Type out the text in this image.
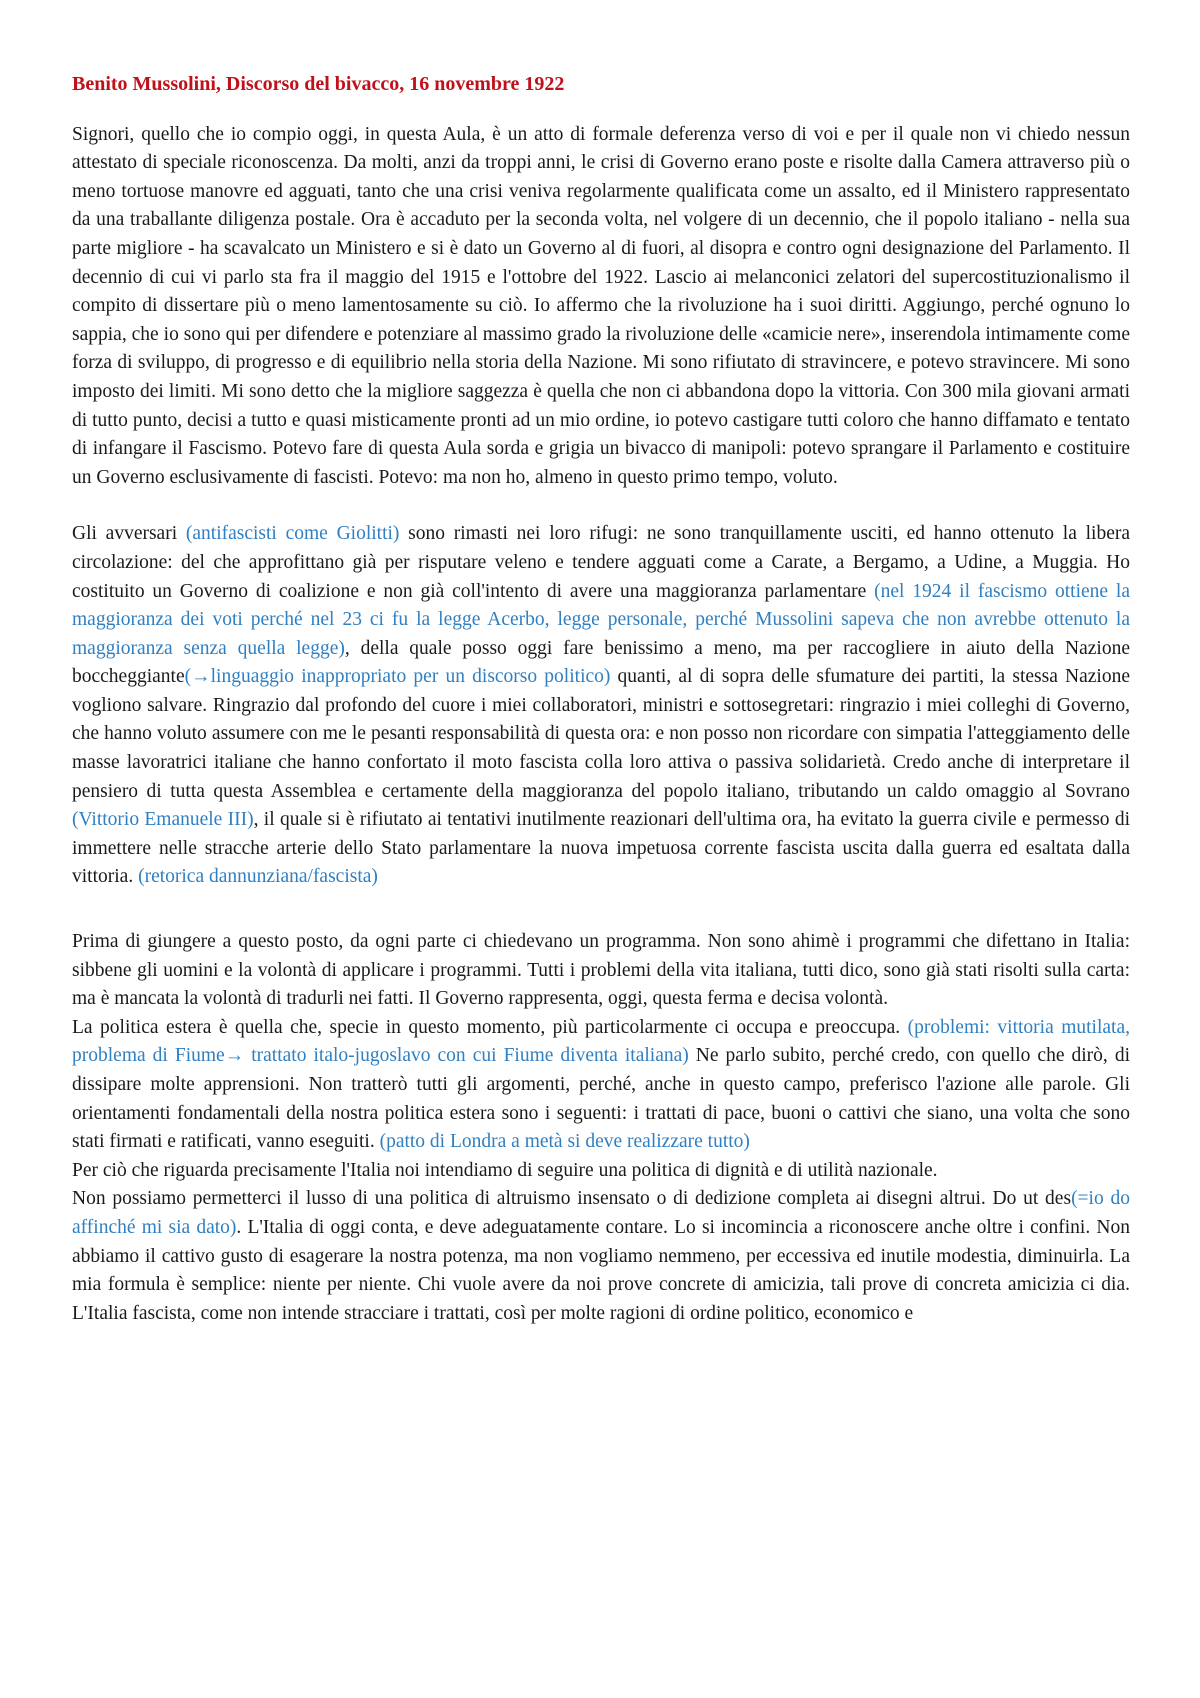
Benito Mussolini, Discorso del bivacco, 16 novembre 1922

Signori, quello che io compio oggi, in questa Aula, è un atto di formale deferenza verso di voi e per il quale non vi chiedo nessun attestato di speciale riconoscenza. Da molti, anzi da troppi anni, le crisi di Governo erano poste e risolte dalla Camera attraverso più o meno tortuose manovre ed agguati, tanto che una crisi veniva regolarmente qualificata come un assalto, ed il Ministero rappresentato da una traballante diligenza postale. Ora è accaduto per la seconda volta, nel volgere di un decennio, che il popolo italiano - nella sua parte migliore - ha scavalcato un Ministero e si è dato un Governo al di fuori, al disopra e contro ogni designazione del Parlamento. Il decennio di cui vi parlo sta fra il maggio del 1915 e l'ottobre del 1922. Lascio ai melanconici zelatori del supercostituzionalismo il compito di dissertare più o meno lamentosamente su ciò. Io affermo che la rivoluzione ha i suoi diritti. Aggiungo, perché ognuno lo sappia, che io sono qui per difendere e potenziare al massimo grado la rivoluzione delle «camicie nere», inserendola intimamente come forza di sviluppo, di progresso e di equilibrio nella storia della Nazione. Mi sono rifiutato di stravincere, e potevo stravincere. Mi sono imposto dei limiti. Mi sono detto che la migliore saggezza è quella che non ci abbandona dopo la vittoria. Con 300 mila giovani armati di tutto punto, decisi a tutto e quasi misticamente pronti ad un mio ordine, io potevo castigare tutti coloro che hanno diffamato e tentato di infangare il Fascismo. Potevo fare di questa Aula sorda e grigia un bivacco di manipoli: potevo sprangare il Parlamento e costituire un Governo esclusivamente di fascisti. Potevo: ma non ho, almeno in questo primo tempo, voluto.

Gli avversari (antifascisti come Giolitti) sono rimasti nei loro rifugi: ne sono tranquillamente usciti, ed hanno ottenuto la libera circolazione: del che approfittano già per risputare veleno e tendere agguati come a Carate, a Bergamo, a Udine, a Muggia. Ho costituito un Governo di coalizione e non già coll'intento di avere una maggioranza parlamentare (nel 1924 il fascismo ottiene la maggioranza dei voti perché nel 23 ci fu la legge Acerbo, legge personale, perché Mussolini sapeva che non avrebbe ottenuto la maggioranza senza quella legge), della quale posso oggi fare benissimo a meno, ma per raccogliere in aiuto della Nazione boccheggiante(→linguaggio inappropriato per un discorso politico) quanti, al di sopra delle sfumature dei partiti, la stessa Nazione vogliono salvare. Ringrazio dal profondo del cuore i miei collaboratori, ministri e sottosegretari: ringrazio i miei colleghi di Governo, che hanno voluto assumere con me le pesanti responsabilità di questa ora: e non posso non ricordare con simpatia l'atteggiamento delle masse lavoratrici italiane che hanno confortato il moto fascista colla loro attiva o passiva solidarietà. Credo anche di interpretare il pensiero di tutta questa Assemblea e certamente della maggioranza del popolo italiano, tributando un caldo omaggio al Sovrano (Vittorio Emanuele III), il quale si è rifiutato ai tentativi inutilmente reazionari dell'ultima ora, ha evitato la guerra civile e permesso di immettere nelle stracche arterie dello Stato parlamentare la nuova impetuosa corrente fascista uscita dalla guerra ed esaltata dalla vittoria. (retorica dannunziana/fascista)

Prima di giungere a questo posto, da ogni parte ci chiedevano un programma. Non sono ahimè i programmi che difettano in Italia: sibbene gli uomini e la volontà di applicare i programmi. Tutti i problemi della vita italiana, tutti dico, sono già stati risolti sulla carta: ma è mancata la volontà di tradurli nei fatti. Il Governo rappresenta, oggi, questa ferma e decisa volontà.

La politica estera è quella che, specie in questo momento, più particolarmente ci occupa e preoccupa. (problemi: vittoria mutilata, problema di Fiume→ trattato italo-jugoslavo con cui Fiume diventa italiana) Ne parlo subito, perché credo, con quello che dirò, di dissipare molte apprensioni. Non tratterò tutti gli argomenti, perché, anche in questo campo, preferisco l'azione alle parole. Gli orientamenti fondamentali della nostra politica estera sono i seguenti: i trattati di pace, buoni o cattivi che siano, una volta che sono stati firmati e ratificati, vanno eseguiti. (patto di Londra a metà si deve realizzare tutto)

Per ciò che riguarda precisamente l'Italia noi intendiamo di seguire una politica di dignità e di utilità nazionale.

Non possiamo permetterci il lusso di una politica di altruismo insensato o di dedizione completa ai disegni altrui. Do ut des(=io do affinché mi sia dato). L'Italia di oggi conta, e deve adeguatamente contare. Lo si incomincia a riconoscere anche oltre i confini. Non abbiamo il cattivo gusto di esagerare la nostra potenza, ma non vogliamo nemmeno, per eccessiva ed inutile modestia, diminuirla. La mia formula è semplice: niente per niente. Chi vuole avere da noi prove concrete di amicizia, tali prove di concreta amicizia ci dia. L'Italia fascista, come non intende stracciare i trattati, così per molte ragioni di ordine politico, economico e
